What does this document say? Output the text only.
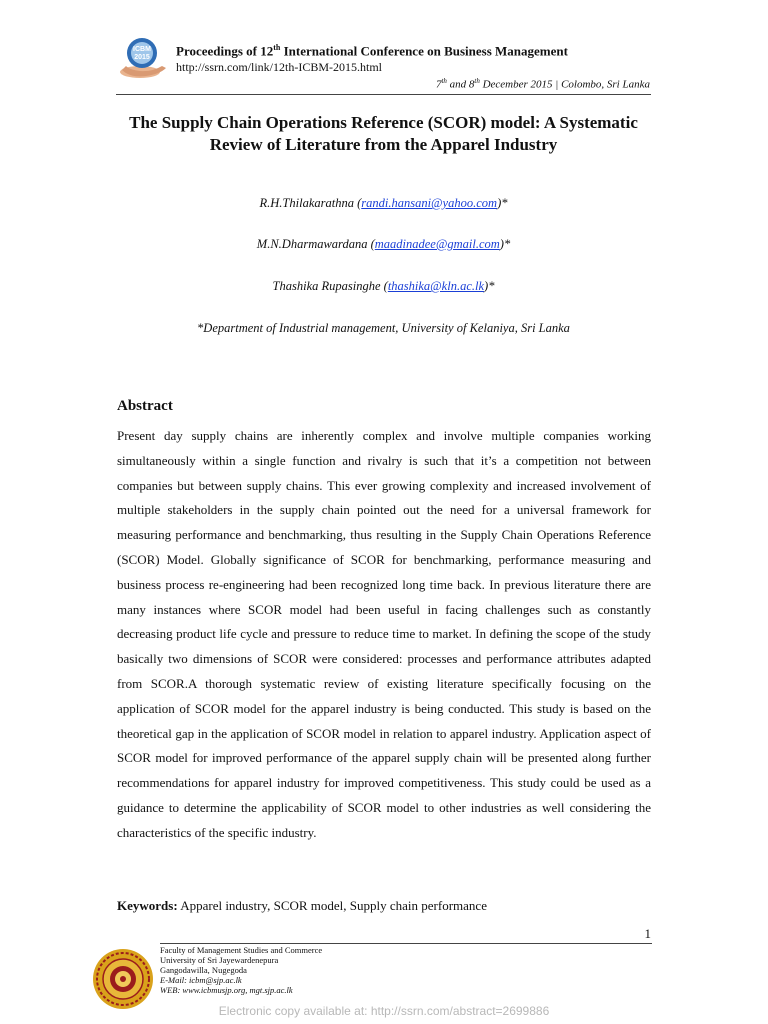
ICBM
2015 Proceedings of 12th International Conference on Business Management
http://ssrn.com/link/12th-ICBM-2015.html
7th and 8th December 2015 | Colombo, Sri Lanka
The Supply Chain Operations Reference (SCOR) model: A Systematic Review of Literature from the Apparel Industry
R.H.Thilakarathna (randi.hansani@yahoo.com)*
M.N.Dharmawardana (maadinadee@gmail.com)*
Thashika Rupasinghe (thashika@kln.ac.lk)*
*Department of Industrial management, University of Kelaniya, Sri Lanka
Abstract
Present day supply chains are inherently complex and involve multiple companies working simultaneously within a single function and rivalry is such that it’s a competition not between companies but between supply chains. This ever growing complexity and increased involvement of multiple stakeholders in the supply chain pointed out the need for a universal framework for measuring performance and benchmarking, thus resulting in the Supply Chain Operations Reference (SCOR) Model. Globally significance of SCOR for benchmarking, performance measuring and business process re-engineering had been recognized long time back. In previous literature there are many instances where SCOR model had been useful in facing challenges such as constantly decreasing product life cycle and pressure to reduce time to market. In defining the scope of the study basically two dimensions of SCOR were considered: processes and performance attributes adapted from SCOR.A thorough systematic review of existing literature specifically focusing on the application of SCOR model for the apparel industry is being conducted. This study is based on the theoretical gap in the application of SCOR model in relation to apparel industry. Application aspect of SCOR model for improved performance of the apparel supply chain will be presented along further recommendations for apparel industry for improved competitiveness. This study could be used as a guidance to determine the applicability of SCOR model to other industries as well considering the characteristics of the specific industry.
Keywords: Apparel industry, SCOR model, Supply chain performance
1
Faculty of Management Studies and Commerce
University of Sri Jayewardenepura
Gangodawilla, Nugegoda
E-Mail: icbm@sjp.ac.lk
WEB: www.icbmusjp.org, mgt.sjp.ac.lk
Electronic copy available at: http://ssrn.com/abstract=2699886
